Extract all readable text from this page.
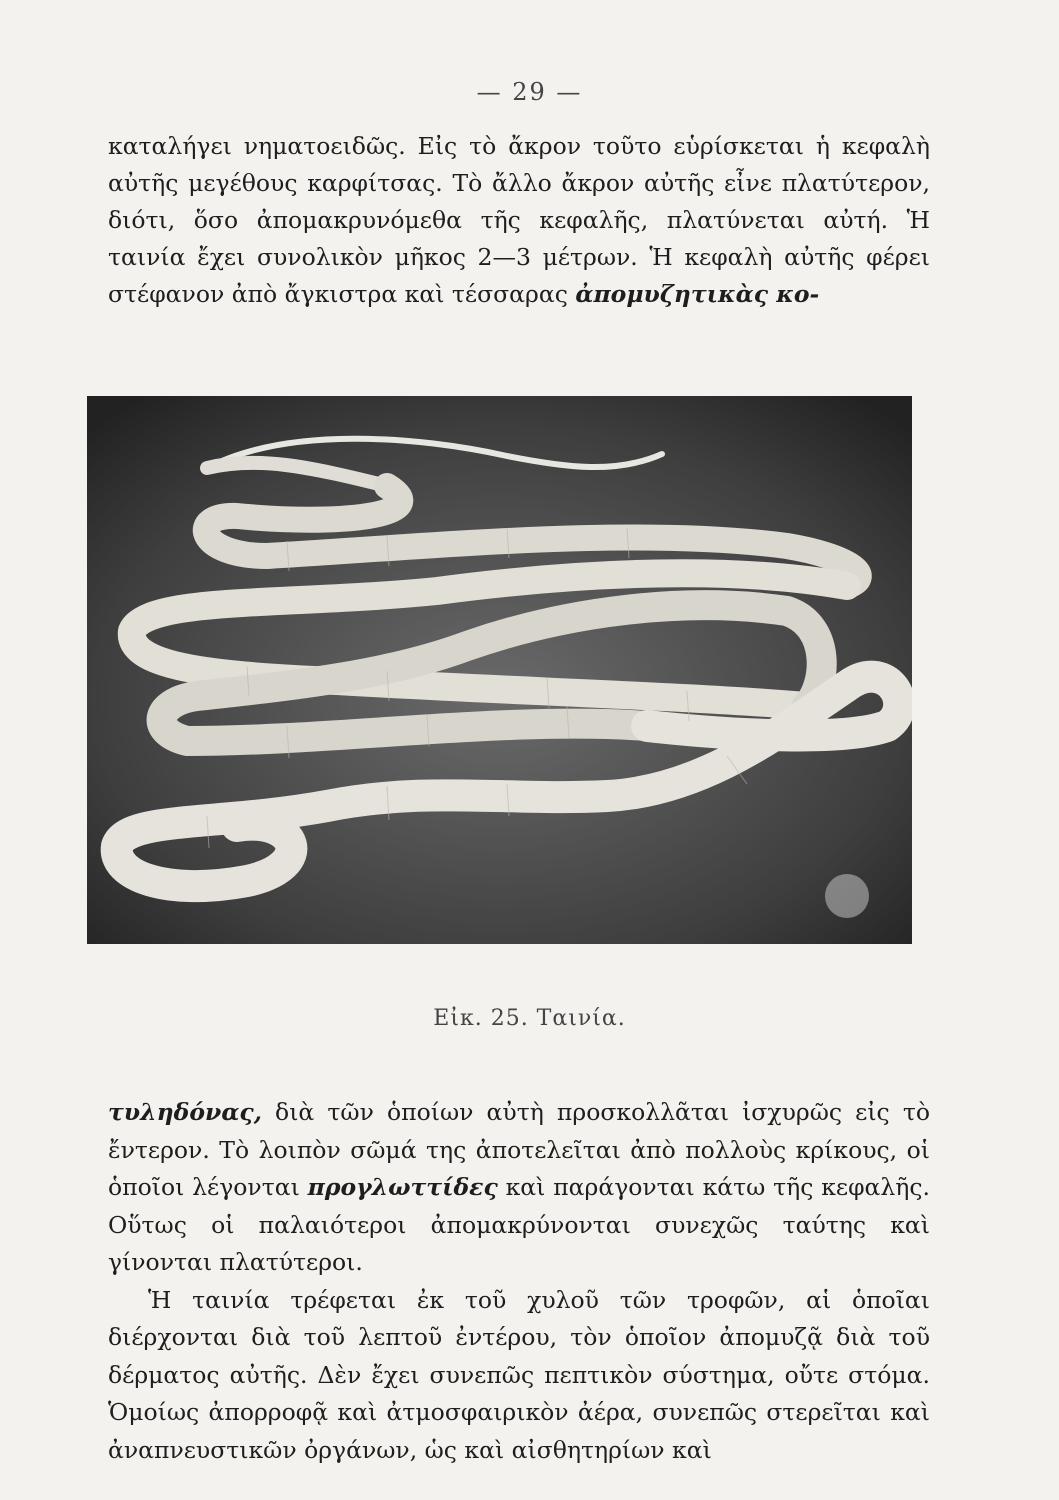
— 29 —

καταλήγει νηματοειδῶς. Εἰς τὸ ἄκρον τοῦτο εὑρίσκεται ἡ κεφαλὴ αὐτῆς μεγέθους καρφίτσας. Τὸ ἄλλο ἄκρον αὐτῆς εἶνε πλατύτερον, διότι, ὅσο ἀπομακρυνόμεθα τῆς κεφαλῆς, πλατύνεται αὐτή. Ἡ ταινία ἔχει συνολικὸν μῆκος 2—3 μέτρων. Ἡ κεφαλὴ αὐτῆς φέρει στέφανον ἀπὸ ἄγκιστρα καὶ τέσσαρας ἀπομυζητικὰς κο-

Εἰκ. 25. Ταινία.

τυληδόνας, διὰ τῶν ὁποίων αὐτὴ προσκολλᾶται ἰσχυρῶς εἰς τὸ ἔντερον. Τὸ λοιπὸν σῶμά της ἀποτελεῖται ἀπὸ πολλοὺς κρίκους, οἱ ὁποῖοι λέγονται προγλωττίδες καὶ παράγονται κάτω τῆς κεφαλῆς. Οὕτως οἱ παλαιότεροι ἀπομακρύνονται συνεχῶς ταύτης καὶ γίνονται πλατύτεροι.

Ἡ ταινία τρέφεται ἐκ τοῦ χυλοῦ τῶν τροφῶν, αἱ ὁποῖαι διέρχονται διὰ τοῦ λεπτοῦ ἐντέρου, τὸν ὁποῖον ἀπομυζᾷ διὰ τοῦ δέρματος αὐτῆς. Δὲν ἔχει συνεπῶς πεπτικὸν σύστημα, οὔτε στόμα. Ὁμοίως ἀπορροφᾷ καὶ ἀτμοσφαιρικὸν ἀέρα, συνεπῶς στερεῖται καὶ ἀναπνευστικῶν ὀργάνων, ὡς καὶ αἰσθητηρίων καὶ
